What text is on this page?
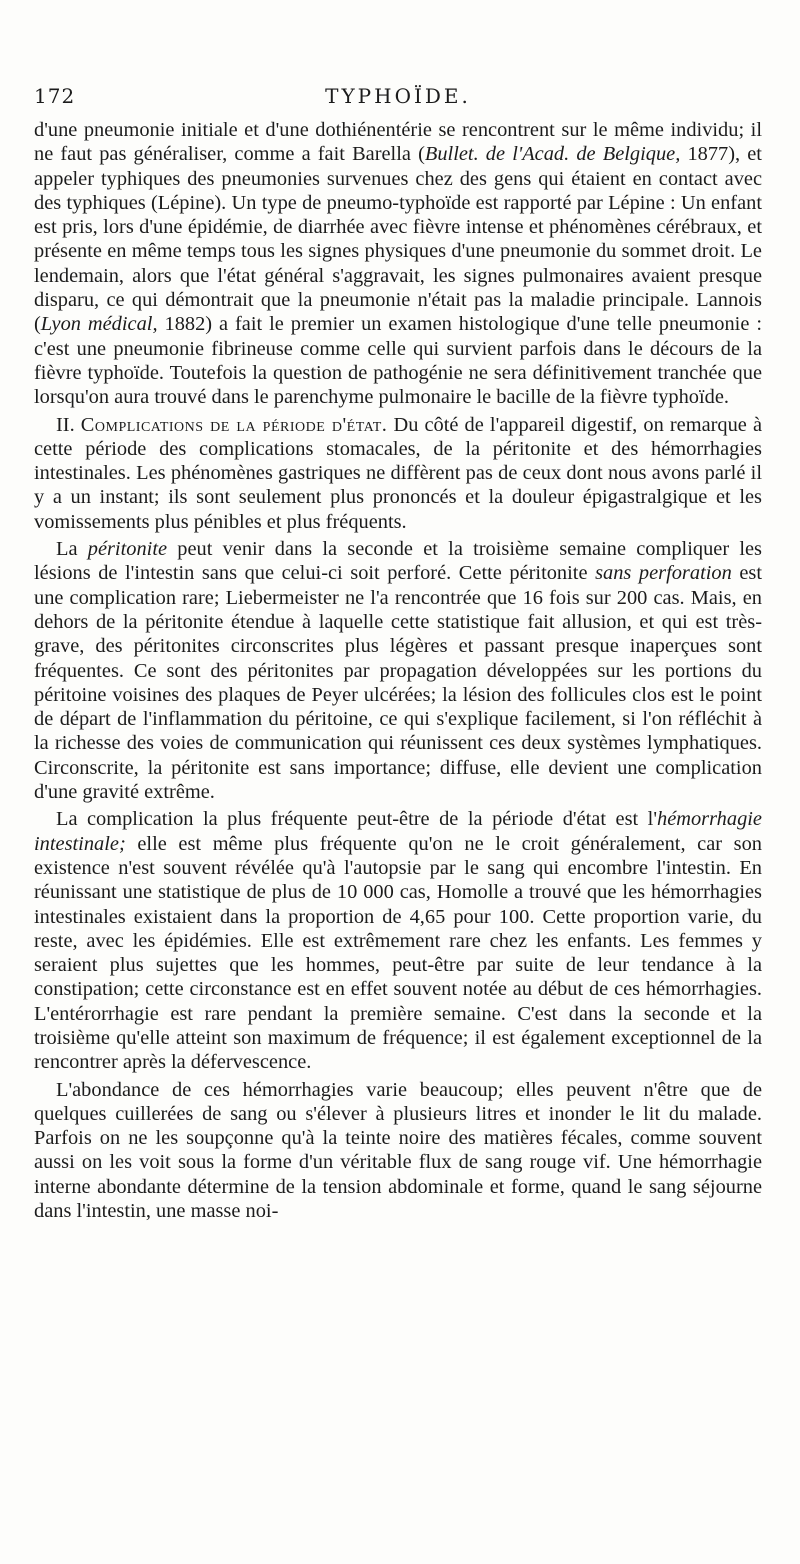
172	TYPHOÏDE.

d'une pneumonie initiale et d'une dothiénentérie se rencontrent sur le même individu; il ne faut pas généraliser, comme a fait Barella (Bullet. de l'Acad. de Belgique, 1877), et appeler typhiques des pneumonies survenues chez des gens qui étaient en contact avec des typhiques (Lépine). Un type de pneumo-typhoïde est rapporté par Lépine : Un enfant est pris, lors d'une épidémie, de diarrhée avec fièvre intense et phénomènes cérébraux, et présente en même temps tous les signes physiques d'une pneumonie du sommet droit. Le lendemain, alors que l'état général s'aggravait, les signes pulmonaires avaient presque disparu, ce qui démontrait que la pneumonie n'était pas la maladie principale. Lannois (Lyon médical, 1882) a fait le premier un examen histologique d'une telle pneumonie : c'est une pneumonie fibrineuse comme celle qui survient parfois dans le décours de la fièvre typhoïde. Toutefois la question de pathogénie ne sera définitivement tranchée que lorsqu'on aura trouvé dans le parenchyme pulmonaire le bacille de la fièvre typhoïde.

II. Complications de la période d'état. Du côté de l'appareil digestif, on remarque à cette période des complications stomacales, de la péritonite et des hémorrhagies intestinales. Les phénomènes gastriques ne diffèrent pas de ceux dont nous avons parlé il y a un instant; ils sont seulement plus prononcés et la douleur épigastralgique et les vomissements plus pénibles et plus fréquents.

La péritonite peut venir dans la seconde et la troisième semaine compliquer les lésions de l'intestin sans que celui-ci soit perforé. Cette péritonite sans perforation est une complication rare; Liebermeister ne l'a rencontrée que 16 fois sur 200 cas. Mais, en dehors de la péritonite étendue à laquelle cette statistique fait allusion, et qui est très-grave, des péritonites circonscrites plus légères et passant presque inaperçues sont fréquentes. Ce sont des péritonites par propagation développées sur les portions du péritoine voisines des plaques de Peyer ulcérées; la lésion des follicules clos est le point de départ de l'inflammation du péritoine, ce qui s'explique facilement, si l'on réfléchit à la richesse des voies de communication qui réunissent ces deux systèmes lymphatiques. Circonscrite, la péritonite est sans importance; diffuse, elle devient une complication d'une gravité extrême.

La complication la plus fréquente peut-être de la période d'état est l'hémorrhagie intestinale; elle est même plus fréquente qu'on ne le croit généralement, car son existence n'est souvent révélée qu'à l'autopsie par le sang qui encombre l'intestin. En réunissant une statistique de plus de 10 000 cas, Homolle a trouvé que les hémorrhagies intestinales existaient dans la proportion de 4,65 pour 100. Cette proportion varie, du reste, avec les épidémies. Elle est extrêmement rare chez les enfants. Les femmes y seraient plus sujettes que les hommes, peut-être par suite de leur tendance à la constipation; cette circonstance est en effet souvent notée au début de ces hémorrhagies. L'entérorrhagie est rare pendant la première semaine. C'est dans la seconde et la troisième qu'elle atteint son maximum de fréquence; il est également exceptionnel de la rencontrer après la défervescence.

L'abondance de ces hémorrhagies varie beaucoup; elles peuvent n'être que de quelques cuillerées de sang ou s'élever à plusieurs litres et inonder le lit du malade. Parfois on ne les soupçonne qu'à la teinte noire des matières fécales, comme souvent aussi on les voit sous la forme d'un véritable flux de sang rouge vif. Une hémorrhagie interne abondante détermine de la tension abdominale et forme, quand le sang séjourne dans l'intestin, une masse noi-
